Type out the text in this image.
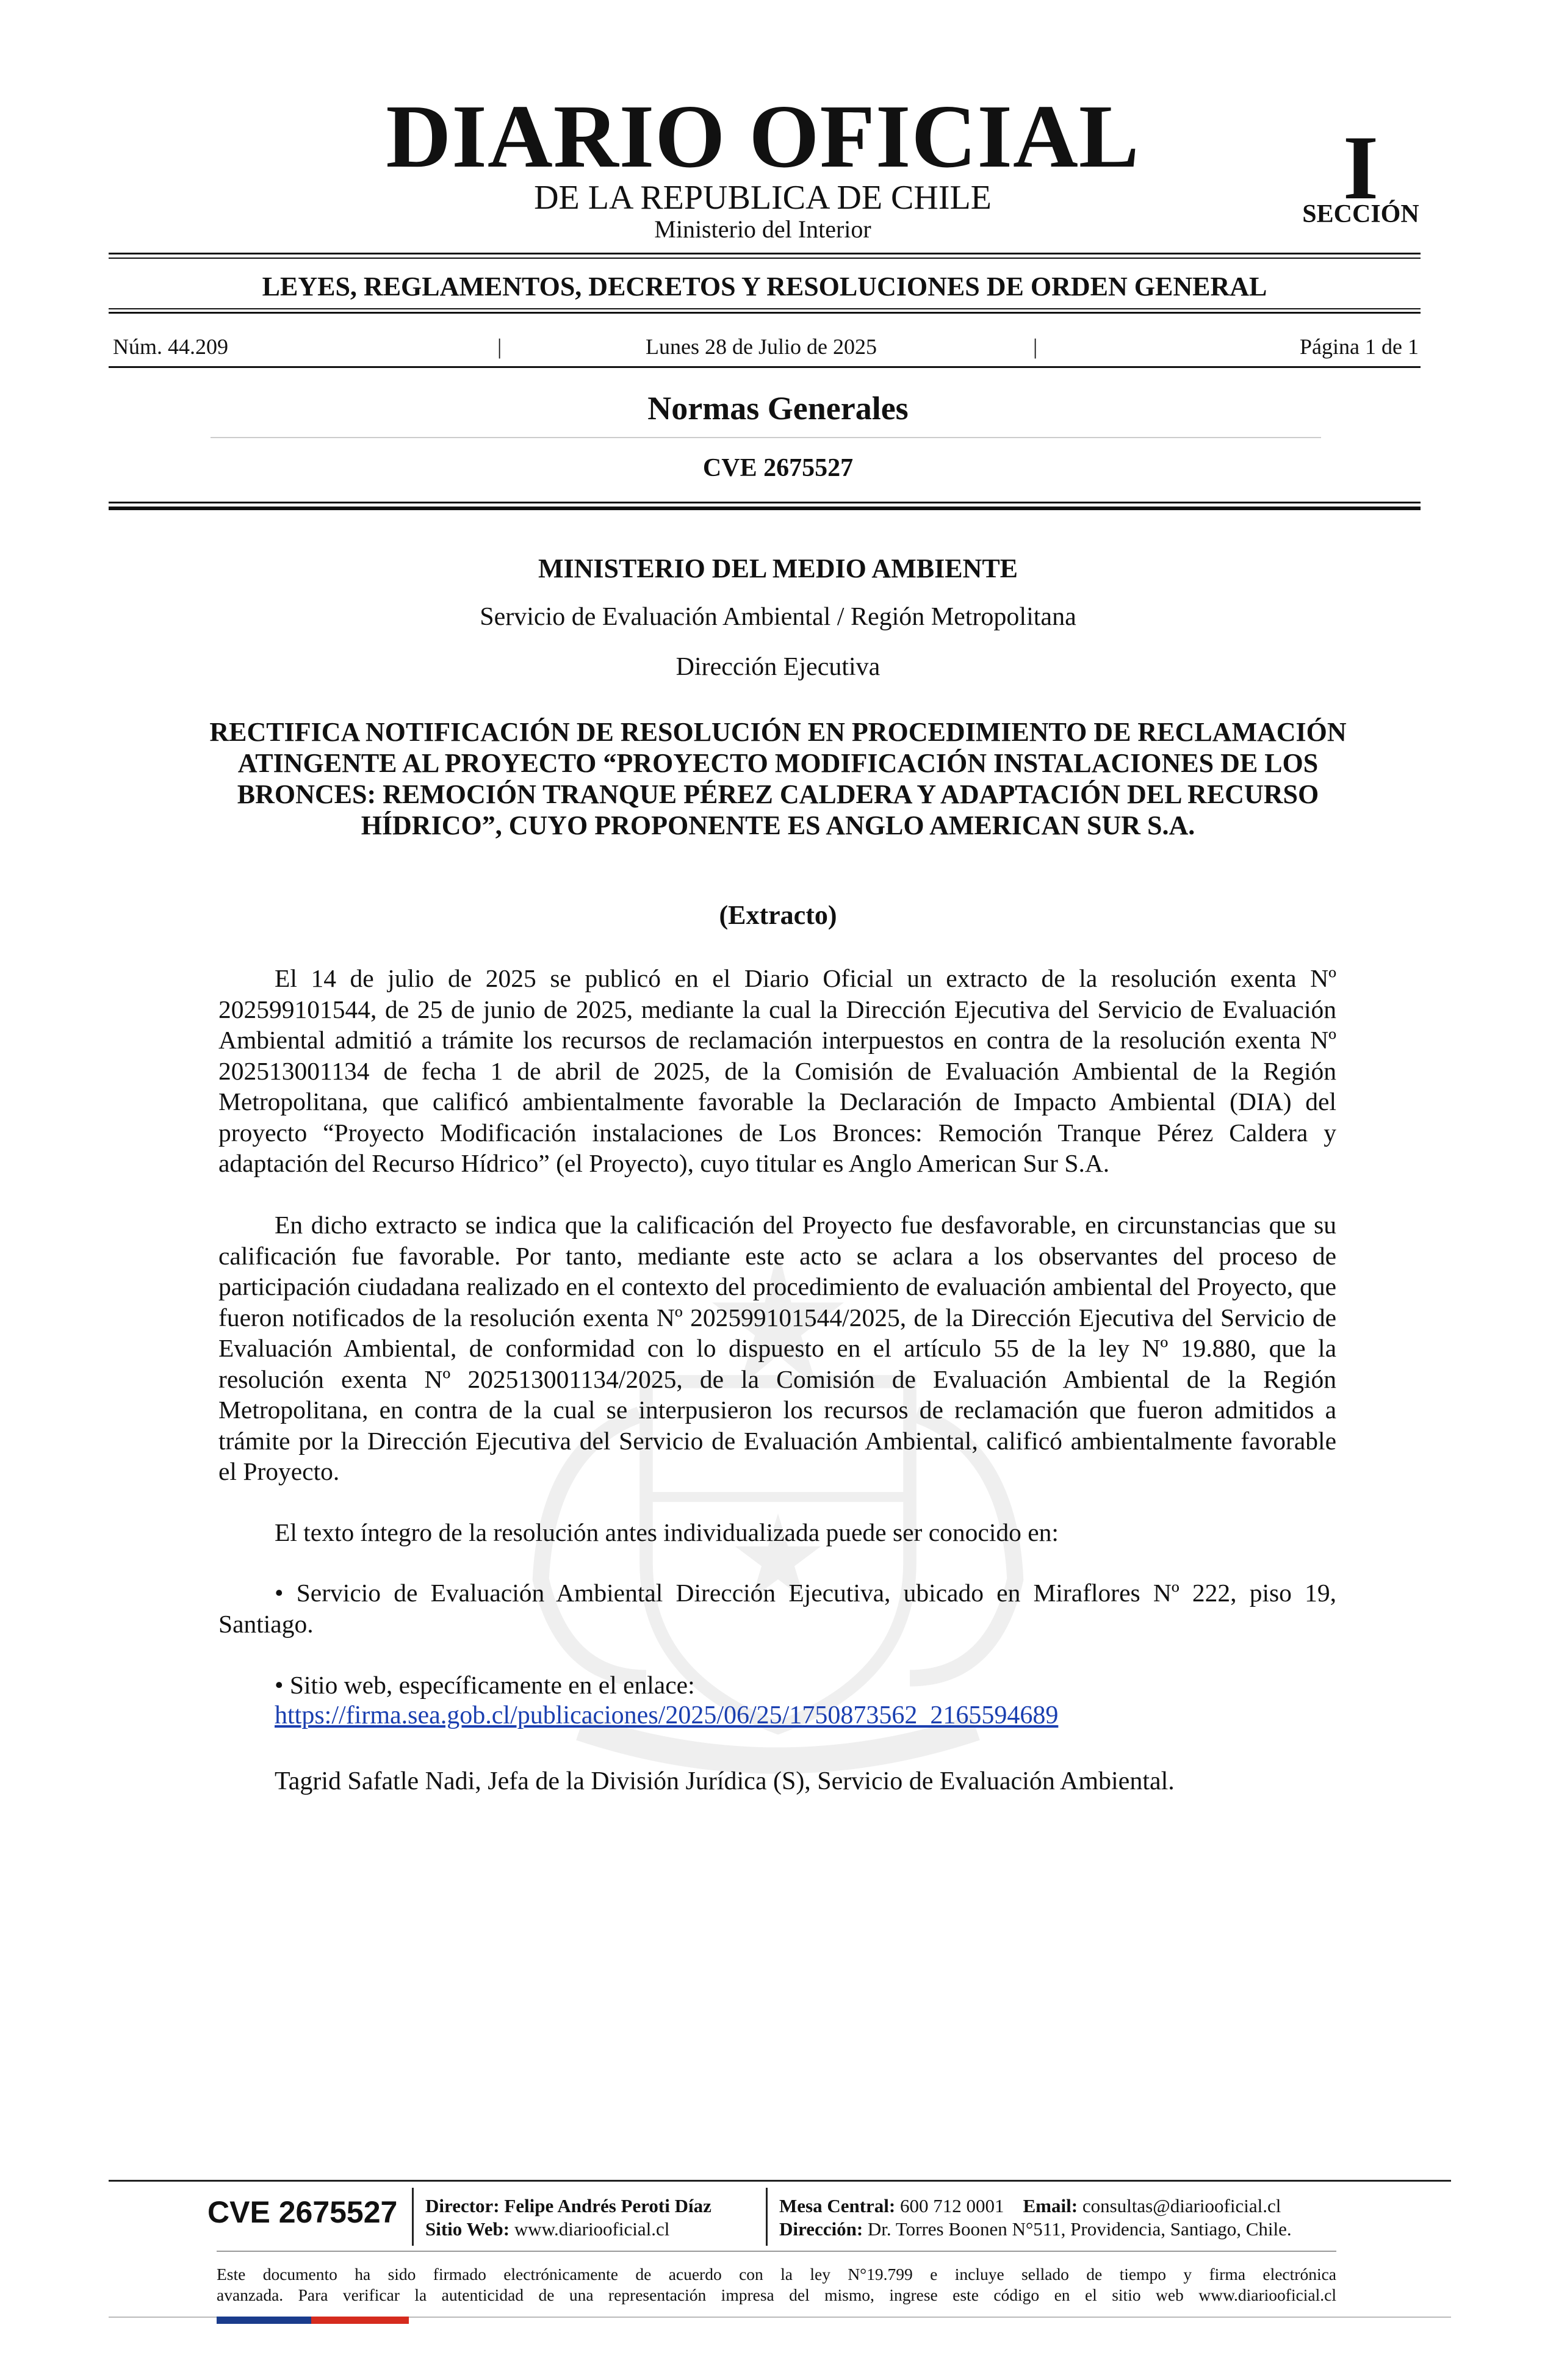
DIARIO OFICIAL
DE LA REPUBLICA DE CHILE
Ministerio del Interior
I
SECCIÓN
LEYES, REGLAMENTOS, DECRETOS Y RESOLUCIONES DE ORDEN GENERAL
Núm. 44.209	|	Lunes 28 de Julio de 2025	|	Página 1 de 1
Normas Generales
CVE 2675527
MINISTERIO DEL MEDIO AMBIENTE
Servicio de Evaluación Ambiental / Región Metropolitana
Dirección Ejecutiva
RECTIFICA NOTIFICACIÓN DE RESOLUCIÓN EN PROCEDIMIENTO DE RECLAMACIÓN ATINGENTE AL PROYECTO “PROYECTO MODIFICACIÓN INSTALACIONES DE LOS BRONCES: REMOCIÓN TRANQUE PÉREZ CALDERA Y ADAPTACIÓN DEL RECURSO HÍDRICO”, CUYO PROPONENTE ES ANGLO AMERICAN SUR S.A.
(Extracto)

El 14 de julio de 2025 se publicó en el Diario Oficial un extracto de la resolución exenta Nº 202599101544, de 25 de junio de 2025, mediante la cual la Dirección Ejecutiva del Servicio de Evaluación Ambiental admitió a trámite los recursos de reclamación interpuestos en contra de la resolución exenta Nº 202513001134 de fecha 1 de abril de 2025, de la Comisión de Evaluación Ambiental de la Región Metropolitana, que calificó ambientalmente favorable la Declaración de Impacto Ambiental (DIA) del proyecto “Proyecto Modificación instalaciones de Los Bronces: Remoción Tranque Pérez Caldera y adaptación del Recurso Hídrico” (el Proyecto), cuyo titular es Anglo American Sur S.A.

En dicho extracto se indica que la calificación del Proyecto fue desfavorable, en circunstancias que su calificación fue favorable. Por tanto, mediante este acto se aclara a los observantes del proceso de participación ciudadana realizado en el contexto del procedimiento de evaluación ambiental del Proyecto, que fueron notificados de la resolución exenta Nº 202599101544/2025, de la Dirección Ejecutiva del Servicio de Evaluación Ambiental, de conformidad con lo dispuesto en el artículo 55 de la ley Nº 19.880, que la resolución exenta Nº 202513001134/2025, de la Comisión de Evaluación Ambiental de la Región Metropolitana, en contra de la cual se interpusieron los recursos de reclamación que fueron admitidos a trámite por la Dirección Ejecutiva del Servicio de Evaluación Ambiental, calificó ambientalmente favorable el Proyecto.

El texto íntegro de la resolución antes individualizada puede ser conocido en:

• Servicio de Evaluación Ambiental Dirección Ejecutiva, ubicado en Miraflores Nº 222, piso 19, Santiago.

• Sitio web, específicamente en el enlace:

https://firma.sea.gob.cl/publicaciones/2025/06/25/1750873562_2165594689
Tagrid Safatle Nadi, Jefa de la División Jurídica (S), Servicio de Evaluación Ambiental.
CVE 2675527 Director: Felipe Andrés Peroti Díaz
Sitio Web: www.diariooficial.cl
Mesa Central: 600 712 0001 Email: consultas@diariooficial.cl
Dirección: Dr. Torres Boonen N°511, Providencia, Santiago, Chile.
Este documento ha sido firmado electrónicamente de acuerdo con la ley N°19.799 e incluye sellado de tiempo y firma electrónica
avanzada. Para verificar la autenticidad de una representación impresa del mismo, ingrese este código en el sitio web www.diariooficial.cl
